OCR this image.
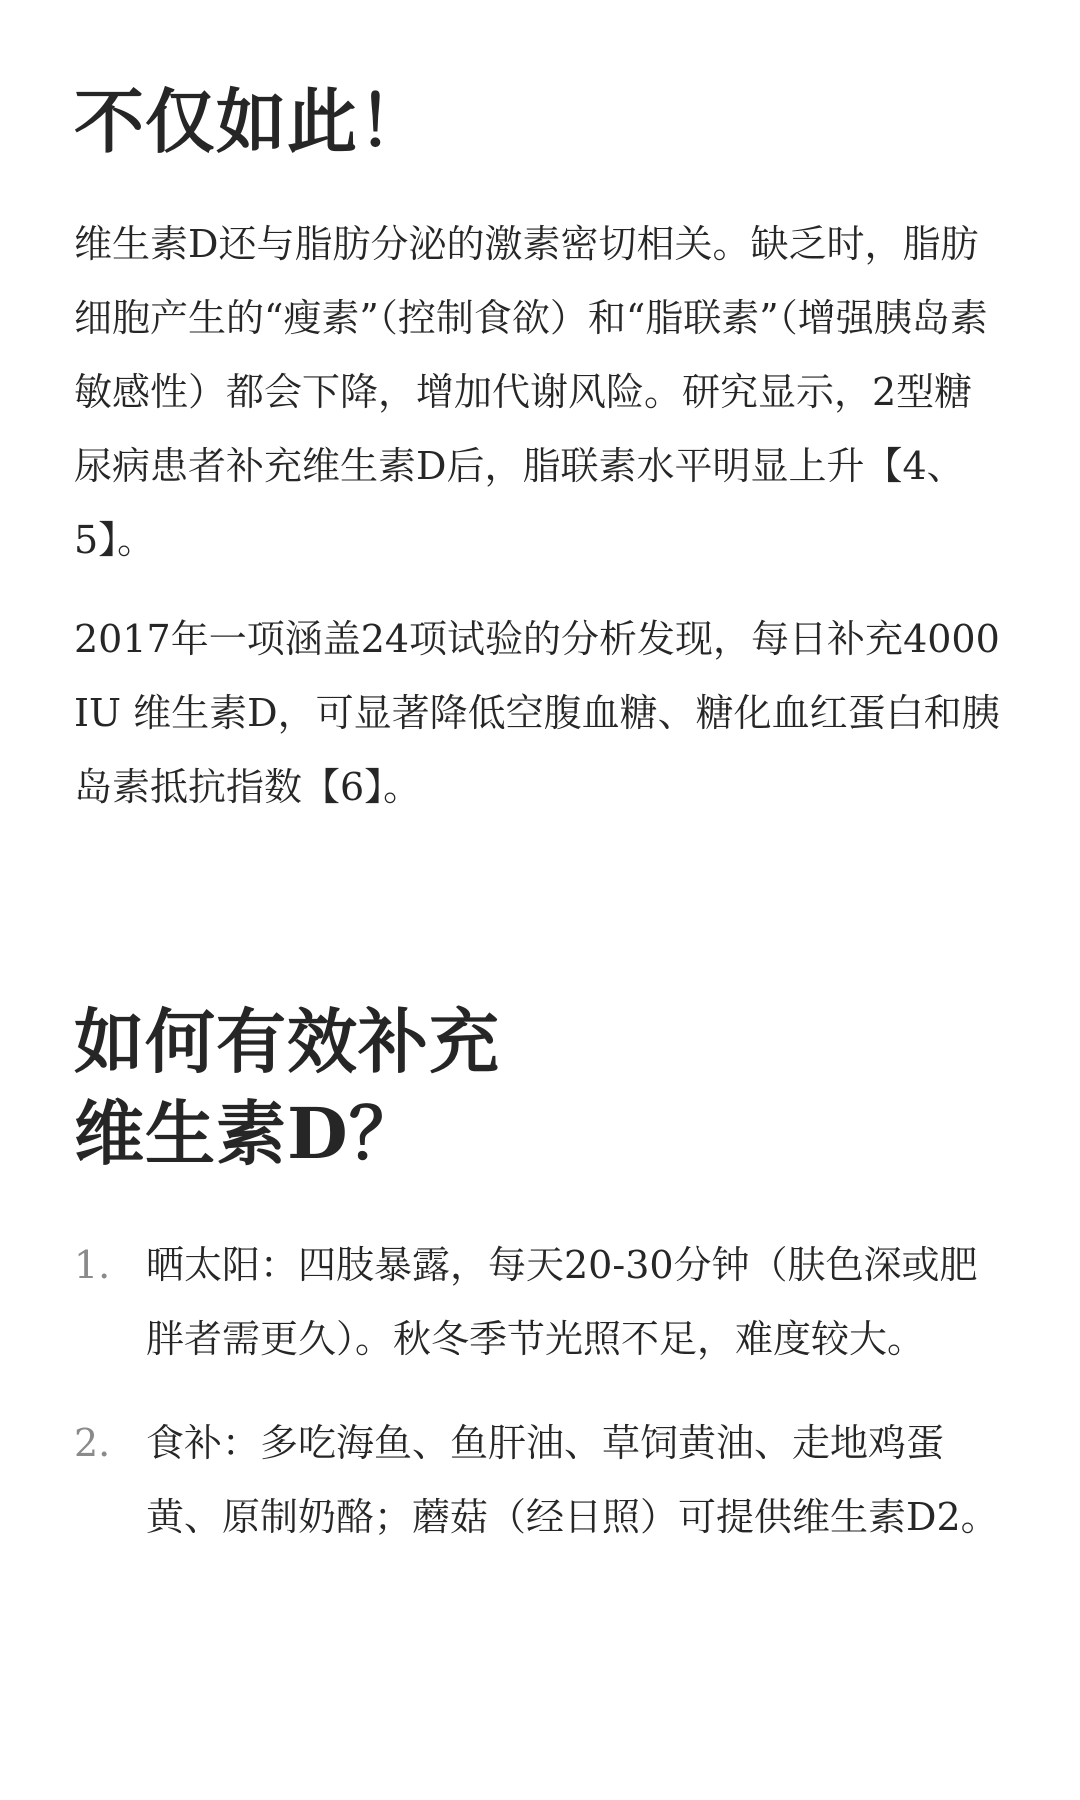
不仅如此！

维生素D还与脂肪分泌的激素密切相关。缺乏时，脂肪细胞产生的“瘦素”（控制食欲）和“脂联素”（增强胰岛素敏感性）都会下降，增加代谢风险。研究显示，2型糖尿病患者补充维生素D后，脂联素水平明显上升【4、5】。

2017年一项涵盖24项试验的分析发现，每日补充4000 IU 维生素D，可显著降低空腹血糖、糖化血红蛋白和胰岛素抵抗指数【6】。

如何有效补充
维生素D？
1. 晒太阳：四肢暴露，每天20-30分钟（肤色深或肥胖者需更久）。秋冬季节光照不足，难度较大。
2. 食补：多吃海鱼、鱼肝油、草饲黄油、走地鸡蛋黄、原制奶酪；蘑菇（经日照）可提供维生素D2。
